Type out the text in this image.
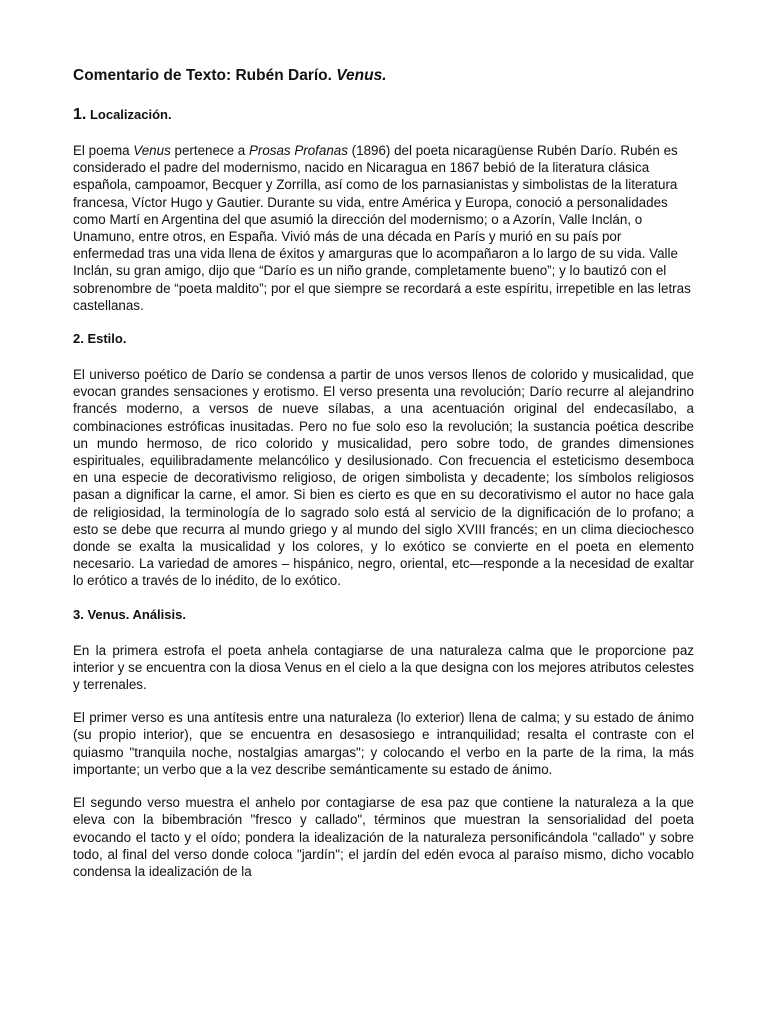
Comentario de Texto: Rubén Darío. Venus.
1. Localización.

El poema Venus pertenece a Prosas Profanas (1896) del poeta nicaragüense Rubén Darío. Rubén es considerado el padre del modernismo, nacido en Nicaragua en 1867 bebió de la literatura clásica española, campoamor, Becquer y Zorrilla, así como de los parnasianistas y simbolistas de la literatura francesa, Víctor Hugo y Gautier. Durante su vida, entre América y Europa, conoció a personalidades como Martí en Argentina del que asumió la dirección del modernismo; o a Azorín, Valle Inclán, o Unamuno, entre otros, en España. Vivió más de una década en París y murió en su país por enfermedad tras una vida llena de éxitos y amarguras que lo acompañaron a lo largo de su vida. Valle Inclán, su gran amigo, dijo que “Darío es un niño grande, completamente bueno”; y lo bautizó con el sobrenombre de “poeta maldito”; por el que siempre se recordará a este espíritu, irrepetible en las letras castellanas.

2. Estilo.

El universo poético de Darío se condensa a partir de unos versos llenos de colorido y musicalidad, que evocan grandes sensaciones y erotismo. El verso presenta una revolución; Darío recurre al alejandrino francés moderno, a versos de nueve sílabas, a una acentuación original del endecasílabo, a combinaciones estróficas inusitadas. Pero no fue solo eso la revolución; la sustancia poética describe un mundo hermoso, de rico colorido y musicalidad, pero sobre todo, de grandes dimensiones espirituales, equilibradamente melancólico y desilusionado. Con frecuencia el esteticismo desemboca en una especie de decorativismo religioso, de origen simbolista y decadente; los símbolos religiosos pasan a dignificar la carne, el amor. Si bien es cierto es que en su decorativismo el autor no hace gala de religiosidad, la terminología de lo sagrado solo está al servicio de la dignificación de lo profano; a esto se debe que recurra al mundo griego y al mundo del siglo XVIII francés; en un clima dieciochesco donde se exalta la musicalidad y los colores, y lo exótico se convierte en el poeta en elemento necesario. La variedad de amores – hispánico, negro, oriental, etc—responde a la necesidad de exaltar lo erótico a través de lo inédito, de lo exótico.

3. Venus. Análisis.

En la primera estrofa el poeta anhela contagiarse de una naturaleza calma que le proporcione paz interior y se encuentra con la diosa Venus en el cielo a la que designa con los mejores atributos celestes y terrenales.

El primer verso es una antítesis entre una naturaleza (lo exterior) llena de calma; y su estado de ánimo (su propio interior), que se encuentra en desasosiego e intranquilidad; resalta el contraste con el quiasmo "tranquila noche, nostalgias amargas"; y colocando el verbo en la parte de la rima, la más importante; un verbo que a la vez describe semánticamente su estado de ánimo.

El segundo verso muestra el anhelo por contagiarse de esa paz que contiene la naturaleza a la que eleva con la bibembración "fresco y callado", términos que muestran la sensorialidad del poeta evocando el tacto y el oído; pondera la idealización de la naturaleza personificándola "callado" y sobre todo, al final del verso donde coloca "jardín"; el jardín del edén evoca al paraíso mismo, dicho vocablo condensa la idealización de la
